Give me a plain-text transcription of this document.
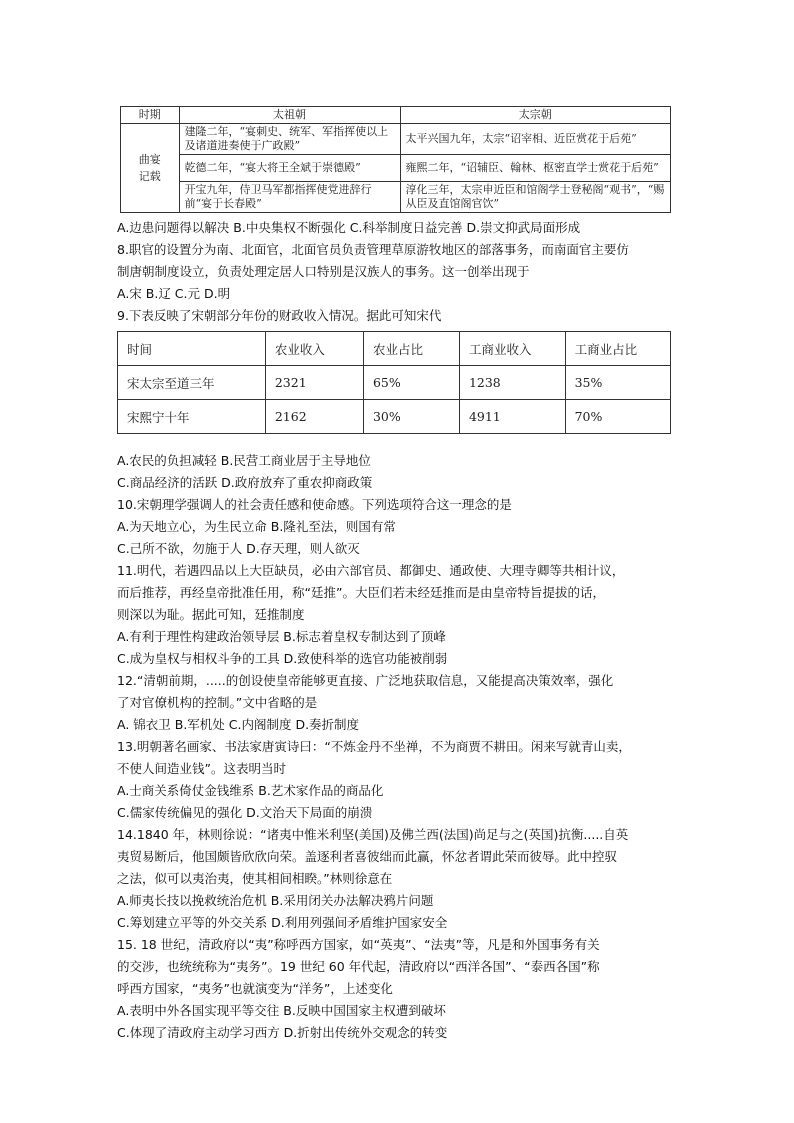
时期	太祖朝	太宗朝
曲宴
记载	建隆二年，“宴刺史、统军、军指挥使以上及诸道进奏使于广政殿”	太平兴国九年，太宗“诏宰相、近臣赏花于后苑”
	乾德二年，“宴大将王全斌于崇德殿”	雍熙二年，“诏辅臣、翰林、枢密直学士赏花于后苑”
	开宝九年，侍卫马军都指挥使党进辞行前“宴于长春殿”	淳化三年，太宗申近臣和馆阁学士登秘阁“观书”，“赐从臣及直馆阁官饮”
A.边患问题得以解决 B.中央集权不断强化 C.科举制度日益完善 D.崇文抑武局面形成
8.职官的设置分为南、北面官，北面官员负责管理草原游牧地区的部落事务，而南面官主要仿
制唐朝制度设立，负责处理定居人口特别是汉族人的事务。这一创举出现于
A.宋 B.辽 C.元 D.明
9.下表反映了宋朝部分年份的财政收入情况。据此可知宋代
时间	农业收入	农业占比	工商业收入	工商业占比
宋太宗至道三年	2321	65%	1238	35%
宋熙宁十年	2162	30%	4911	70%
A.农民的负担减轻 B.民营工商业居于主导地位
C.商品经济的活跃 D.政府放弃了重农抑商政策
10.宋朝理学强调人的社会责任感和使命感。下列选项符合这一理念的是
A.为天地立心，为生民立命 B.隆礼至法，则国有常
C.己所不欲，勿施于人 D.存天理，则人欲灭
11.明代，若遇四品以上大臣缺员，必由六部官员、都御史、通政使、大理寺卿等共相计议，
而后推荐，再经皇帝批准任用，称“廷推”。大臣们若未经廷推而是由皇帝特旨提拔的话，
则深以为耻。据此可知，廷推制度
A.有利于理性构建政治领导层 B.标志着皇权专制达到了顶峰
C.成为皇权与相权斗争的工具 D.致使科举的选官功能被削弱
12.“清朝前期，.....的创设使皇帝能够更直接、广泛地获取信息，又能提高决策效率，强化
了对官僚机构的控制。”文中省略的是
A. 锦衣卫 B.军机处 C.内阁制度 D.奏折制度
13.明朝著名画家、书法家唐寅诗曰：“不炼金丹不坐禅，不为商贾不耕田。闲来写就青山卖，
不使人间造业钱”。这表明当时
A.士商关系倚仗金钱维系 B.艺术家作品的商品化
C.儒家传统偏见的强化 D.文治天下局面的崩溃
14.1840 年，林则徐说：“诸夷中惟米利坚(美国)及佛兰西(法国)尚足与之(英国)抗衡.....自英
夷贸易断后，他国颇皆欣欣向荣。盖逐利者喜彼绌而此赢，怀忿者谓此荣而彼辱。此中控驭
之法，似可以夷治夷，使其相间相睽。”林则徐意在
A.师夷长技以挽救统治危机 B.采用闭关办法解决鸦片问题
C.筹划建立平等的外交关系 D.利用列强间矛盾维护国家安全
15. 18 世纪，清政府以“夷”称呼西方国家，如“英夷”、“法夷”等，凡是和外国事务有关
的交涉，也统统称为“夷务”。19 世纪 60 年代起，清政府以“西洋各国”、“泰西各国”称
呼西方国家，“夷务”也就演变为“洋务”，上述变化
A.表明中外各国实现平等交往 B.反映中国国家主权遭到破坏
C.体现了清政府主动学习西方 D.折射出传统外交观念的转变
